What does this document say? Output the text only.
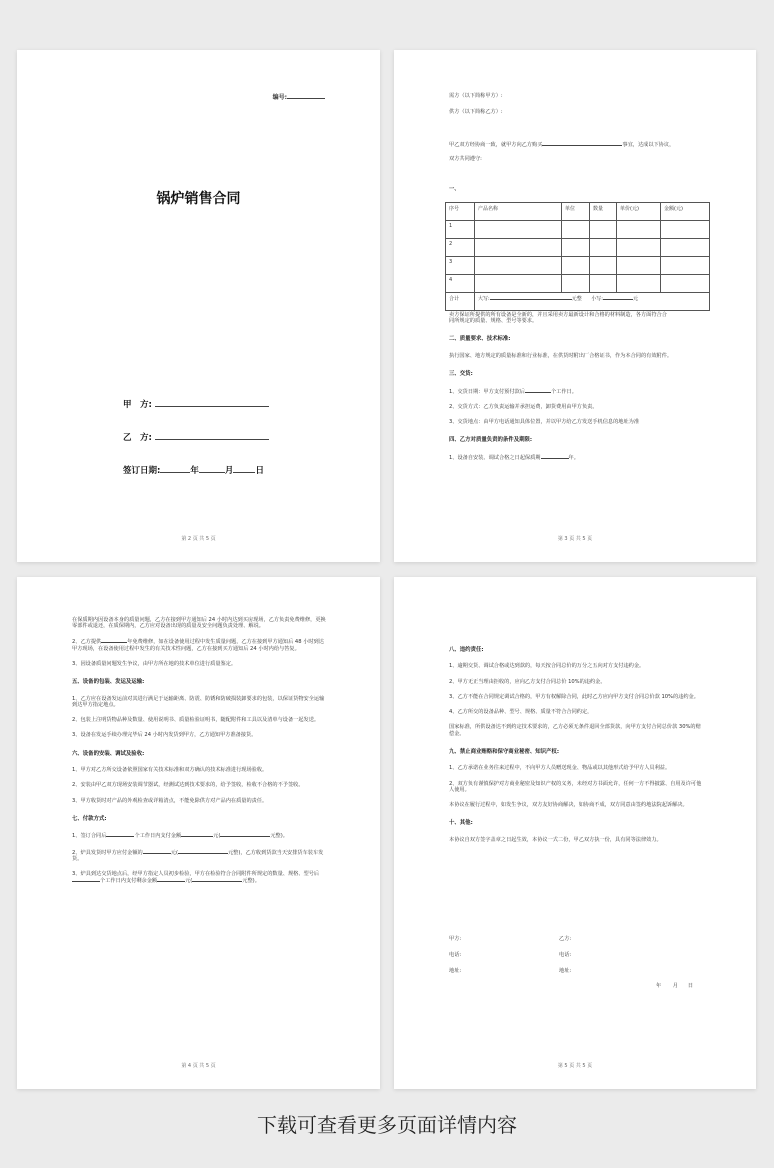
编号:
锅炉销售合同
甲　方:
乙　方:
签订日期:	年	月	日
第 2 页 共 5 页
需方（以下简称甲方）:
供方（以下简称乙方）:
甲乙双方经协商一致，就甲方向乙方购买	事宜，达成以下协议，
双方共同遵守:
一、
序号	产品名称	单位	数量	单价(元)	金额(元)
1					
2					
3					
4					
合计	大写: 元整 小写: 元				

卖方保证所提供的所有设备是全新的，并且采用卖方最新设计和合格的材料制造，各方面符合合
同所规定的质量、规格、型号等要求。

二、质量要求、技术标准:

执行国家、地方规定的质量标准和行业标准，在供货时附出厂合格证书，作为本合同的有效附件。

三、交货:

1、交货日期：甲方支付预付款后	个工作日。

2、交货方式：乙方负责运输并承担运费，卸货费用由甲方负责。

3、交货地点：由甲方电话通知具体位置，并以甲方给乙方发送手机信息的地址为准

四、乙方对质量负责的条件及期限:

1、设备自安装、调试合格之日起保质期	年。

第 3 页 共 5 页

在保质期内因设备本身的质量问题，乙方在接到甲方通知后 24 小时内达到买房现场，乙方负责免费维修，更换零部件或退还，在质保期内，乙方应对设备出现的质量及安全问题负责处理、解说。

2、乙方提供	年免费维修，如在设备使用过程中发生质量问题，乙方在接到甲方通知后 48 小时到达甲方现场，在设备使用过程中发生的有关技术性问题，乙方在接到买方通知后 24 小时内给与答复。

3、因设备质量问题发生争议，由甲方所在地的技术单位进行质量鉴定。

五、设备的包装、发运及运输:

1、乙方应在设备发运前对其进行满足于运输距离、防震、防锈和防破损装卸要求的包装，以保证货物安全运输到达甲方指定地点。

2、包装上注明货物品种及数量、使用说明书、质量检验证明书，随配附件和工具以及清单与设备一起发送。

3、设备在发运手续办理完毕后 24 小时内发货到甲方，乙方通知甲方准备接货。

六、设备的安装、调试及验收:

1、甲方对乙方所交设备依照国家有关技术标准和双方确认的技术标准进行现场验收。

2、安装由甲乙双方现场安装调节器试，经测试达到技术要求的，给予签收，检收不合格的不予签收。

3、甲方收货时对产品的外观检查或详箱清点，不能免除供方对产品内在质量的责任。

七、付款方式:

1、签订合同后	个工作日内支付金额	元(	元整)。

2、炉具发货时甲方应付金额的	元(	元整)，乙方收到货款当天安排货车装车发货。

3、炉具到达交货地点后，经甲方指定人员初步检验，甲方在检验符合合同附件所规定的数量、规格、型号后个工作日内支付剩余金额	元(	元整)。

第 4 页 共 5 页
八、违约责任:

1、逾期交货、调试合格或达到款的，每天按合同总价的万分之五向对方支付违约金。

2、甲方无正当理由拒收的，应向乙方支付合同总价 10%的违约金。

3、乙方不能在合同规定调试合格的，甲方有权解除合同，此时乙方应向甲方支付合同总价款 10%的违约金。

4、乙方所交的设备品种、型号、规格、质量不符合合同约定，

国家标准，所供设备达不到约定技术要求的，乙方必须无条件退回全部货款，向甲方支付合同总价款 30%的赔偿金。

九、禁止商业贿赂和保守商业秘密、知识产权:

1、乙方承诺在业务往来过程中，不向甲方人员赠送现金、物品或以其他形式给予甲方人员利益。

2、双方负有谨慎保护对方商业秘密及知识产权的义务，未经对方书面允许，任何一方不得披露、自用及许可他人使用。

本协议在履行过程中，如发生争议，双方友好协商解决，如协商不成，双方同意由签约地法院起诉解决。

十、其他:

本协议自双方签字盖章之日起生效，本协议一式二份，甲乙双方执一份，具有同等法律效力。

甲方:	乙方:
电话:	电话:
地址:	地址:
年 月 日
第 5 页 共 5 页
下载可查看更多页面详情内容
